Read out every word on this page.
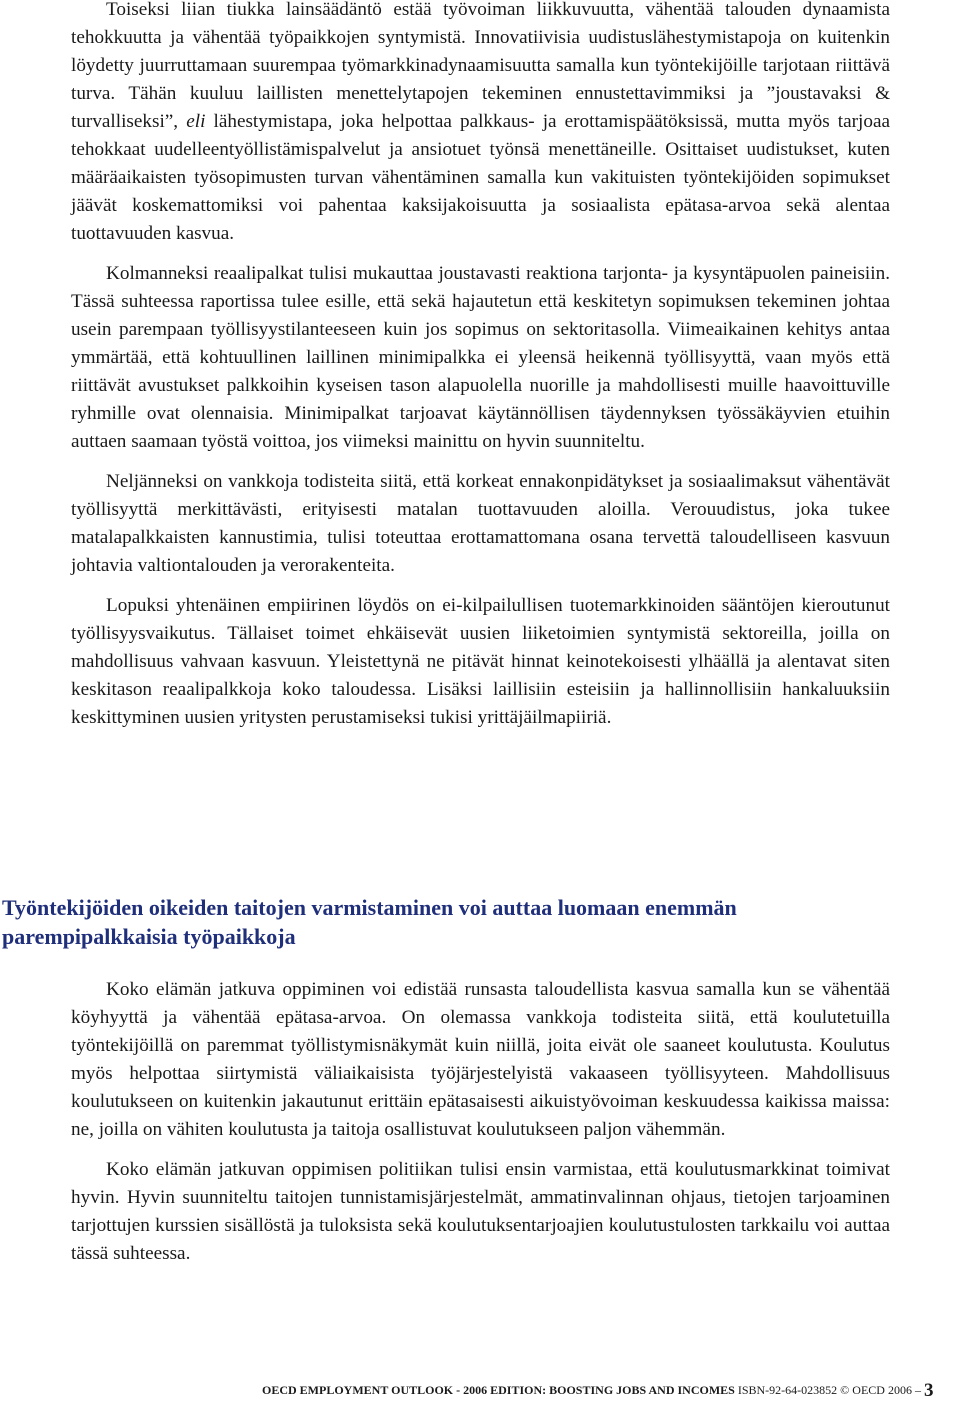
Toiseksi liian tiukka lainsäädäntö estää työvoiman liikkuvuutta, vähentää talouden dynaamista tehokkuutta ja vähentää työpaikkojen syntymistä. Innovatiivisia uudistuslähestymistapoja on kuitenkin löydetty juurruttamaan suurempaa työmarkkinadynaamisuutta samalla kun työntekijöille tarjotaan riittävä turva. Tähän kuuluu laillisten menettelytapojen tekeminen ennustettavimmiksi ja ”joustavaksi & turvalliseksi”, eli lähestymistapa, joka helpottaa palkkaus- ja erottamispäätöksissä, mutta myös tarjoaa tehokkaat uudelleentyöllistämispalvelut ja ansiotuet työnsä menettäneille. Osittaiset uudistukset, kuten määräaikaisten työsopimusten turvan vähentäminen samalla kun vakituisten työntekijöiden sopimukset jäävät koskemattomiksi voi pahentaa kaksijakoisuutta ja sosiaalista epätasa-arvoa sekä alentaa tuottavuuden kasvua.

Kolmanneksi reaalipalkat tulisi mukauttaa joustavasti reaktiona tarjonta- ja kysyntäpuolen paineisiin. Tässä suhteessa raportissa tulee esille, että sekä hajautetun että keskitetyn sopimuksen tekeminen johtaa usein parempaan työllisyystilanteeseen kuin jos sopimus on sektoritasolla. Viimeaikainen kehitys antaa ymmärtää, että kohtuullinen laillinen minimipalkka ei yleensä heikennä työllisyyttä, vaan myös että riittävät avustukset palkkoihin kyseisen tason alapuolella nuorille ja mahdollisesti muille haavoittuville ryhmille ovat olennaisia. Minimipalkat tarjoavat käytännöllisen täydennyksen työssäkäyvien etuihin auttaen saamaan työstä voittoa, jos viimeksi mainittu on hyvin suunniteltu.

Neljänneksi on vankkoja todisteita siitä, että korkeat ennakonpidätykset ja sosiaalimaksut vähentävät työllisyyttä merkittävästi, erityisesti matalan tuottavuuden aloilla. Verouudistus, joka tukee matalapalkkaisten kannustimia, tulisi toteuttaa erottamattomana osana tervettä taloudelliseen kasvuun johtavia valtiontalouden ja verorakenteita.

Lopuksi yhtenäinen empiirinen löydös on ei-kilpailullisen tuotemarkkinoiden sääntöjen kieroutunut työllisyysvaikutus. Tällaiset toimet ehkäisevät uusien liiketoimien syntymistä sektoreilla, joilla on mahdollisuus vahvaan kasvuun. Yleistettynä ne pitävät hinnat keinotekoisesti ylhäällä ja alentavat siten keskitason reaalipalkkoja koko taloudessa. Lisäksi laillisiin esteisiin ja hallinnollisiin hankaluuksiin keskittyminen uusien yritysten perustamiseksi tukisi yrittäjäilmapiiriä.

Työntekijöiden oikeiden taitojen varmistaminen voi auttaa luomaan enemmän parempipalkkaisia työpaikkoja

Koko elämän jatkuva oppiminen voi edistää runsasta taloudellista kasvua samalla kun se vähentää köyhyyttä ja vähentää epätasa-arvoa. On olemassa vankkoja todisteita siitä, että koulutetuilla työntekijöillä on paremmat työllistymisnäkymät kuin niillä, joita eivät ole saaneet koulutusta. Koulutus myös helpottaa siirtymistä väliaikaisista työjärjestelyistä vakaaseen työllisyyteen. Mahdollisuus koulutukseen on kuitenkin jakautunut erittäin epätasaisesti aikuistyövoiman keskuudessa kaikissa maissa: ne, joilla on vähiten koulutusta ja taitoja osallistuvat koulutukseen paljon vähemmän.

Koko elämän jatkuvan oppimisen politiikan tulisi ensin varmistaa, että koulutusmarkkinat toimivat hyvin. Hyvin suunniteltu taitojen tunnistamisjärjestelmät, ammatinvalinnan ohjaus, tietojen tarjoaminen tarjottujen kurssien sisällöstä ja tuloksista sekä koulutuksentarjoajien koulutustulosten tarkkailu voi auttaa tässä suhteessa.

OECD EMPLOYMENT OUTLOOK - 2006 EDITION: BOOSTING JOBS AND INCOMES ISBN-92-64-023852 © OECD 2006 – 3
